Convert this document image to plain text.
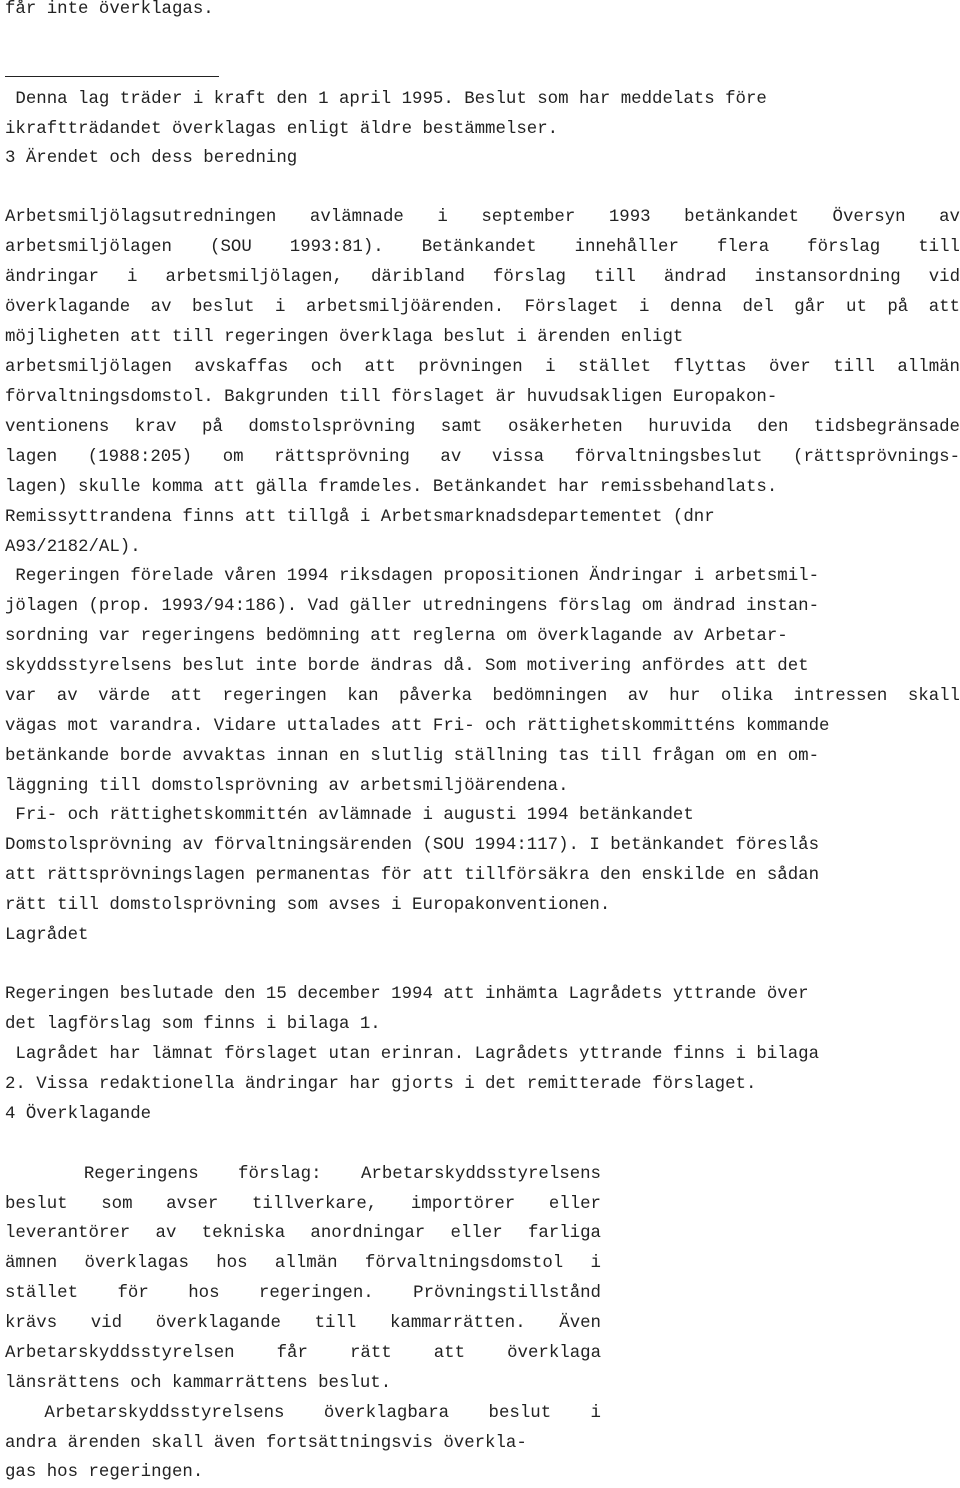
får inte överklagas.
Denna lag träder i kraft den 1 april 1995. Beslut som har meddelats före
ikraftträdandet överklagas enligt äldre bestämmelser.
3 Ärendet och dess beredning
Arbetsmiljölagsutredningen avlämnade i september 1993 betänkandet Översyn av
arbetsmiljölagen (SOU 1993:81). Betänkandet innehåller flera förslag till
ändringar i arbetsmiljölagen, däribland förslag till ändrad instansordning vid
överklagande av beslut i arbetsmiljöärenden. Förslaget i denna del går ut på att
möjligheten att till regeringen överklaga beslut i ärenden enligt
arbetsmiljölagen avskaffas och att prövningen i stället flyttas över till allmän
förvaltningsdomstol. Bakgrunden till förslaget är huvudsakligen Europakon-
ventionens krav på domstolsprövning samt osäkerheten huruvida den tidsbegränsade
lagen (1988:205) om rättsprövning av vissa förvaltningsbeslut (rättsprövnings-
lagen) skulle komma att gälla framdeles. Betänkandet har remissbehandlats.
Remissyttrandena finns att tillgå i Arbetsmarknadsdepartementet (dnr
A93/2182/AL).
Regeringen förelade våren 1994 riksdagen propositionen Ändringar i arbetsmil-
jölagen (prop. 1993/94:186). Vad gäller utredningens förslag om ändrad instan-
sordning var regeringens bedömning att reglerna om överklagande av Arbetar-
skyddsstyrelsens beslut inte borde ändras då. Som motivering anfördes att det
var av värde att regeringen kan påverka bedömningen av hur olika intressen skall
vägas mot varandra. Vidare uttalades att Fri- och rättighetskommitténs kommande
betänkande borde avvaktas innan en slutlig ställning tas till frågan om en om-
läggning till domstolsprövning av arbetsmiljöärendena.
Fri- och rättighetskommittén avlämnade i augusti 1994 betänkandet
Domstolsprövning av förvaltningsärenden (SOU 1994:117). I betänkandet föreslås
att rättsprövningslagen permanentas för att tillförsäkra den enskilde en sådan
rätt till domstolsprövning som avses i Europakonventionen.
Lagrådet
Regeringen beslutade den 15 december 1994 att inhämta Lagrådets yttrande över
det lagförslag som finns i bilaga 1.
Lagrådet har lämnat förslaget utan erinran. Lagrådets yttrande finns i bilaga
2. Vissa redaktionella ändringar har gjorts i det remitterade förslaget.
4 Överklagande
Regeringens förslag: Arbetarskyddsstyrelsens
beslut som avser tillverkare, importörer eller
leverantörer av tekniska anordningar eller farliga
ämnen överklagas hos allmän förvaltningsdomstol i
stället för hos regeringen. Prövningstillstånd
krävs vid överklagande till kammarrätten. Även
Arbetarskyddsstyrelsen får rätt att överklaga
länsrättens och kammarrättens beslut.
Arbetarskyddsstyrelsens överklagbara beslut i
andra ärenden skall även fortsättningsvis överkla-
gas hos regeringen.
